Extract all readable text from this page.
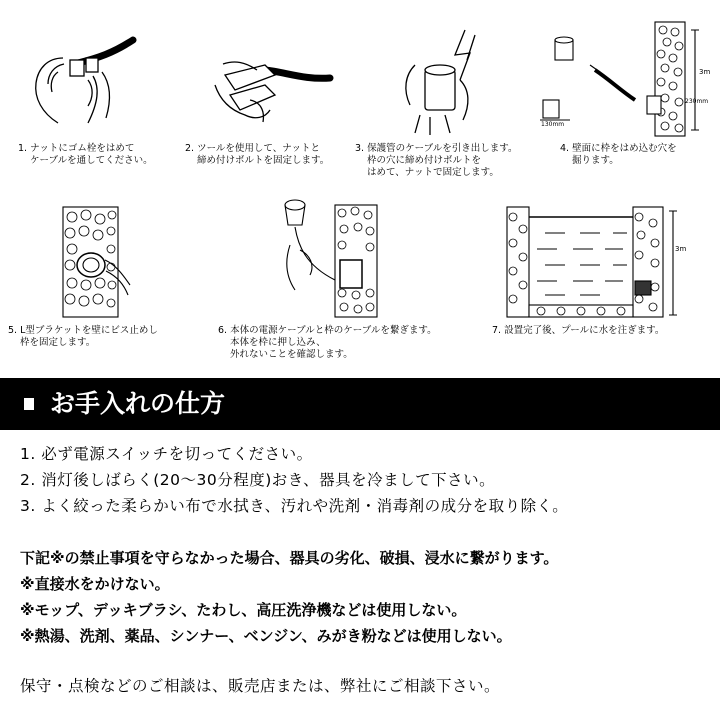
1. ナットにゴム栓をはめて
ケーブルを通してください。
2. ツールを使用して、ナットと
締め付けボルトを固定します。
3. 保護管のケーブルを引き出します。
枠の穴に締め付けボルトを
はめて、ナットで固定します。
3m
130mm
230mm
4. 壁面に枠をはめ込む穴を
掘ります。
5. L型ブラケットを壁にビス止めし
枠を固定します。
6. 本体の電源ケーブルと枠のケーブルを繋ぎます。
本体を枠に押し込み、
外れないことを確認します。
3m
7. 設置完了後、プールに水を注ぎます。
お手入れの仕方
1. 必ず電源スイッチを切ってください。
2. 消灯後しばらく(20〜30分程度)おき、器具を冷まして下さい。
3. よく絞った柔らかい布で水拭き、汚れや洗剤・消毒剤の成分を取り除く。
下記※の禁止事項を守らなかった場合、器具の劣化、破損、浸水に繋がります。
※直接水をかけない。
※モップ、デッキブラシ、たわし、高圧洗浄機などは使用しない。
※熱湯、洗剤、薬品、シンナー、ベンジン、みがき粉などは使用しない。
保守・点検などのご相談は、販売店または、弊社にご相談下さい。
